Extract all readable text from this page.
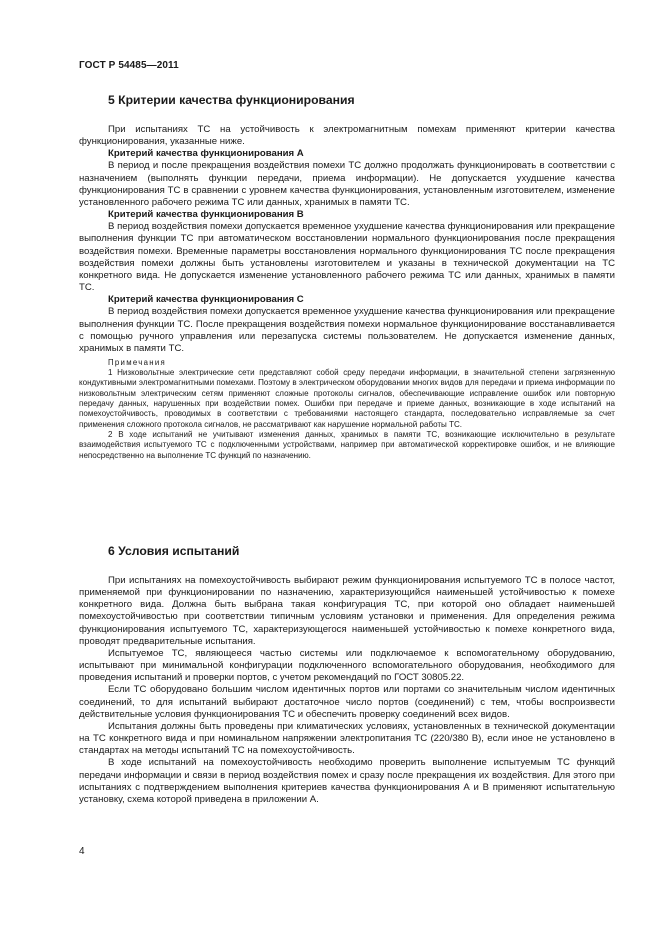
ГОСТ Р 54485—2011
5 Критерии качества функционирования

При испытаниях ТС на устойчивость к электромагнитным помехам применяют критерии качества функционирования, указанные ниже.

Критерий качества функционирования А

В период и после прекращения воздействия помехи ТС должно продолжать функционировать в соответствии с назначением (выполнять функции передачи, приема информации). Не допускается ухудшение качества функционирования ТС в сравнении с уровнем качества функционирования, установленным изготовителем, изменение установленного рабочего режима ТС или данных, хранимых в памяти ТС.

Критерий качества функционирования В

В период воздействия помехи допускается временное ухудшение качества функционирования или прекращение выполнения функции ТС при автоматическом восстановлении нормального функционирования после прекращения воздействия помехи. Временные параметры восстановления нормального функционирования ТС после прекращения воздействия помехи должны быть установлены изготовителем и указаны в технической документации на ТС конкретного вида. Не допускается изменение установленного рабочего режима ТС или данных, хранимых в памяти ТС.

Критерий качества функционирования С

В период воздействия помехи допускается временное ухудшение качества функционирования или прекращение выполнения функции ТС. После прекращения воздействия помехи нормальное функционирование восстанавливается с помощью ручного управления или перезапуска системы пользователем. Не допускается изменение данных, хранимых в памяти ТС.

Примечания

1 Низковольтные электрические сети представляют собой среду передачи информации, в значительной степени загрязненную кондуктивными электромагнитными помехами. Поэтому в электрическом оборудовании многих видов для передачи и приема информации по низковольтным электрическим сетям применяют сложные протоколы сигналов, обеспечивающие исправление ошибок или повторную передачу данных, нарушенных при воздействии помех. Ошибки при передаче и приеме данных, возникающие в ходе испытаний на помехоустойчивость, проводимых в соответствии с требованиями настоящего стандарта, последовательно исправляемые за счет применения сложного протокола сигналов, не рассматривают как нарушение нормальной работы ТС.

2 В ходе испытаний не учитывают изменения данных, хранимых в памяти ТС, возникающие исключительно в результате взаимодействия испытуемого ТС с подключенными устройствами, например при автоматической корректировке ошибок, и не влияющие непосредственно на выполнение ТС функций по назначению.

6 Условия испытаний

При испытаниях на помехоустойчивость выбирают режим функционирования испытуемого ТС в полосе частот, применяемой при функционировании по назначению, характеризующийся наименьшей устойчивостью к помехе конкретного вида. Должна быть выбрана такая конфигурация ТС, при которой оно обладает наименьшей помехоустойчивостью при соответствии типичным условиям установки и применения. Для определения режима функционирования испытуемого ТС, характеризующегося наименьшей устойчивостью к помехе конкретного вида, проводят предварительные испытания.

Испытуемое ТС, являющееся частью системы или подключаемое к вспомогательному оборудованию, испытывают при минимальной конфигурации подключенного вспомогательного оборудования, необходимого для проведения испытаний и проверки портов, с учетом рекомендаций по ГОСТ 30805.22.

Если ТС оборудовано большим числом идентичных портов или портами со значительным числом идентичных соединений, то для испытаний выбирают достаточное число портов (соединений) с тем, чтобы воспроизвести действительные условия функционирования ТС и обеспечить проверку соединений всех видов.

Испытания должны быть проведены при климатических условиях, установленных в технической документации на ТС конкретного вида и при номинальном напряжении электропитания ТС (220/380 В), если иное не установлено в стандартах на методы испытаний ТС на помехоустойчивость.

В ходе испытаний на помехоустойчивость необходимо проверить выполнение испытуемым ТС функций передачи информации и связи в период воздействия помех и сразу после прекращения их воздействия. Для этого при испытаниях с подтверждением выполнения критериев качества функционирования А и В применяют испытательную установку, схема которой приведена в приложении А.

4
